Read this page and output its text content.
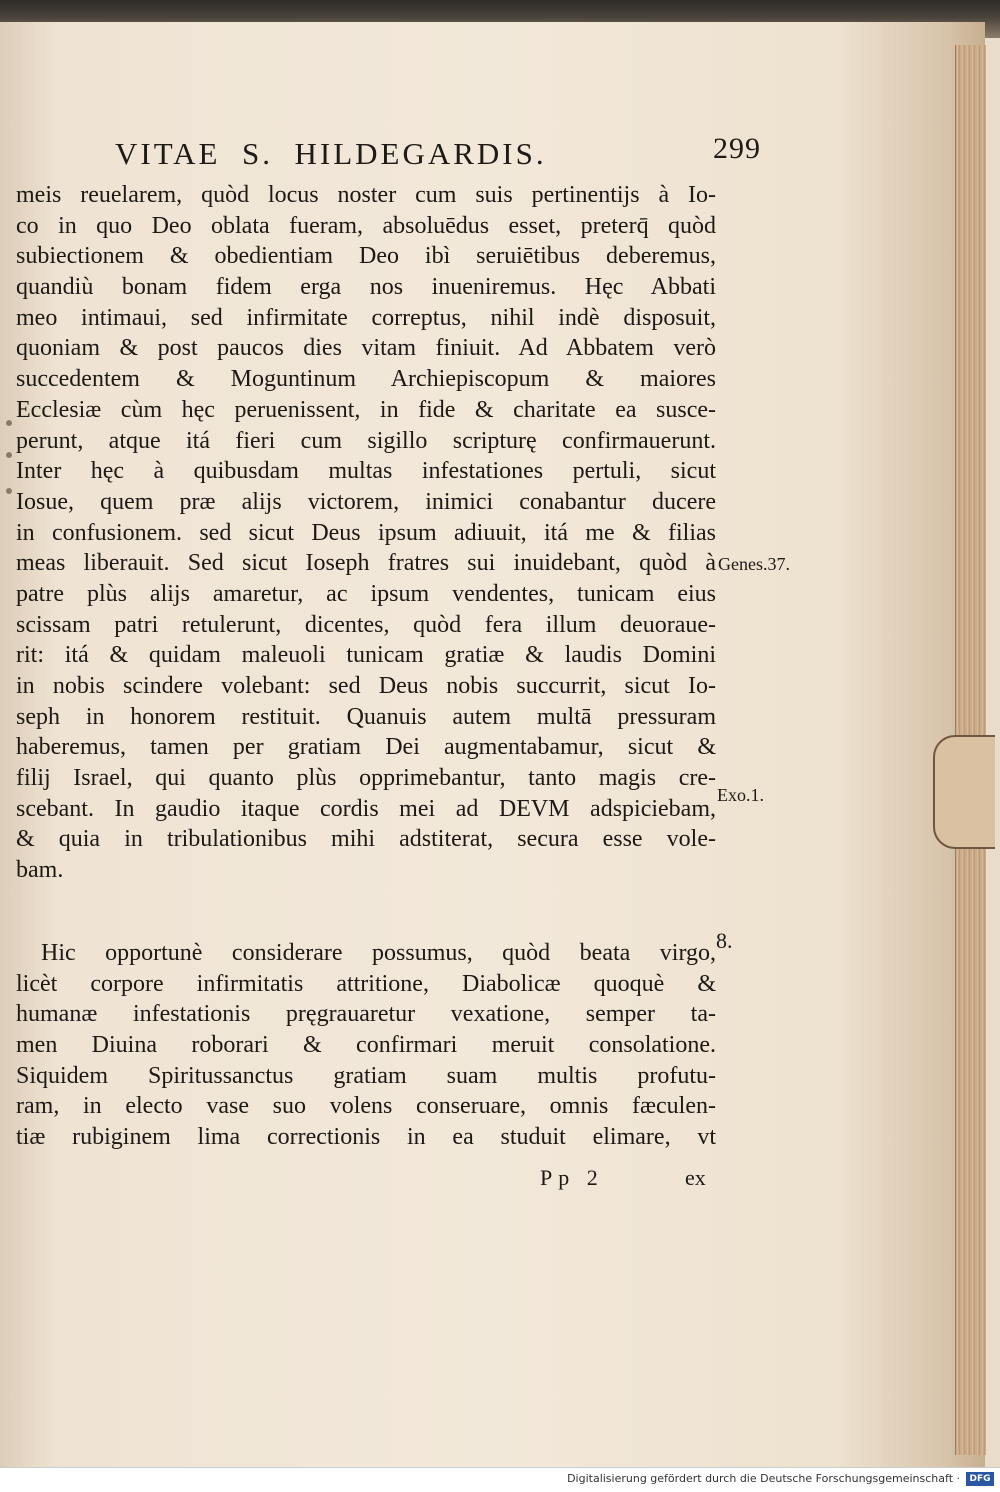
VITAE  S.  HILDEGARDIS.	299
meis reuelarem, quòd locus noster cum suis pertinentijs à Io-
co in quo Deo oblata fueram, absoluēdus esset, preterq̄ quòd
subiectionem & obedientiam Deo ibì seruiētibus deberemus,
quandiù bonam fidem erga nos inueniremus. Hęc Abbati
meo intimaui, sed infirmitate correptus, nihil indè disposuit,
quoniam & post paucos dies vitam finiuit. Ad Abbatem verò
succedentem & Moguntinum Archiepiscopum & maiores
Ecclesiæ cùm hęc peruenissent, in fide & charitate ea susce-
perunt, atque itá fieri cum sigillo scripturę confirmauerunt.
Inter hęc à quibusdam multas infestationes pertuli, sicut
Iosue, quem præ alijs victorem, inimici conabantur ducere
in confusionem. sed sicut Deus ipsum adiuuit, itá me & filias
meas liberauit. Sed sicut Ioseph fratres sui inuidebant, quòd à
patre plùs alijs amaretur, ac ipsum vendentes, tunicam eius
scissam patri retulerunt, dicentes, quòd fera illum deuoraue-
rit: itá & quidam maleuoli tunicam gratiæ & laudis Domini
in nobis scindere volebant: sed Deus nobis succurrit, sicut Io-
seph in honorem restituit. Quanuis autem multā pressuram
haberemus, tamen per gratiam Dei augmentabamur, sicut &
filij Israel, qui quanto plùs opprimebantur, tanto magis cre-
scebant. In gaudio itaque cordis mei ad DEVM adspiciebam,
& quia in tribulationibus mihi adstiterat, secura esse vole-
bam.
Hic opportunè considerare possumus, quòd beata virgo,
licèt corpore infirmitatis attritione, Diabolicæ quoquè &
humanæ infestationis pręgrauaretur vexatione, semper ta-
men Diuina roborari & confirmari meruit consolatione.
Siquidem Spiritussanctus gratiam suam multis profutu-
ram, in electo vase suo volens conseruare, omnis fæculen-
tiæ rubiginem lima correctionis in ea studuit elimare, vt
Genes.37.
Exo.1.
8.
Pp 2	ex
Digitalisierung gefördert durch die Deutsche Forschungsgemeinschaft ·	DFG
